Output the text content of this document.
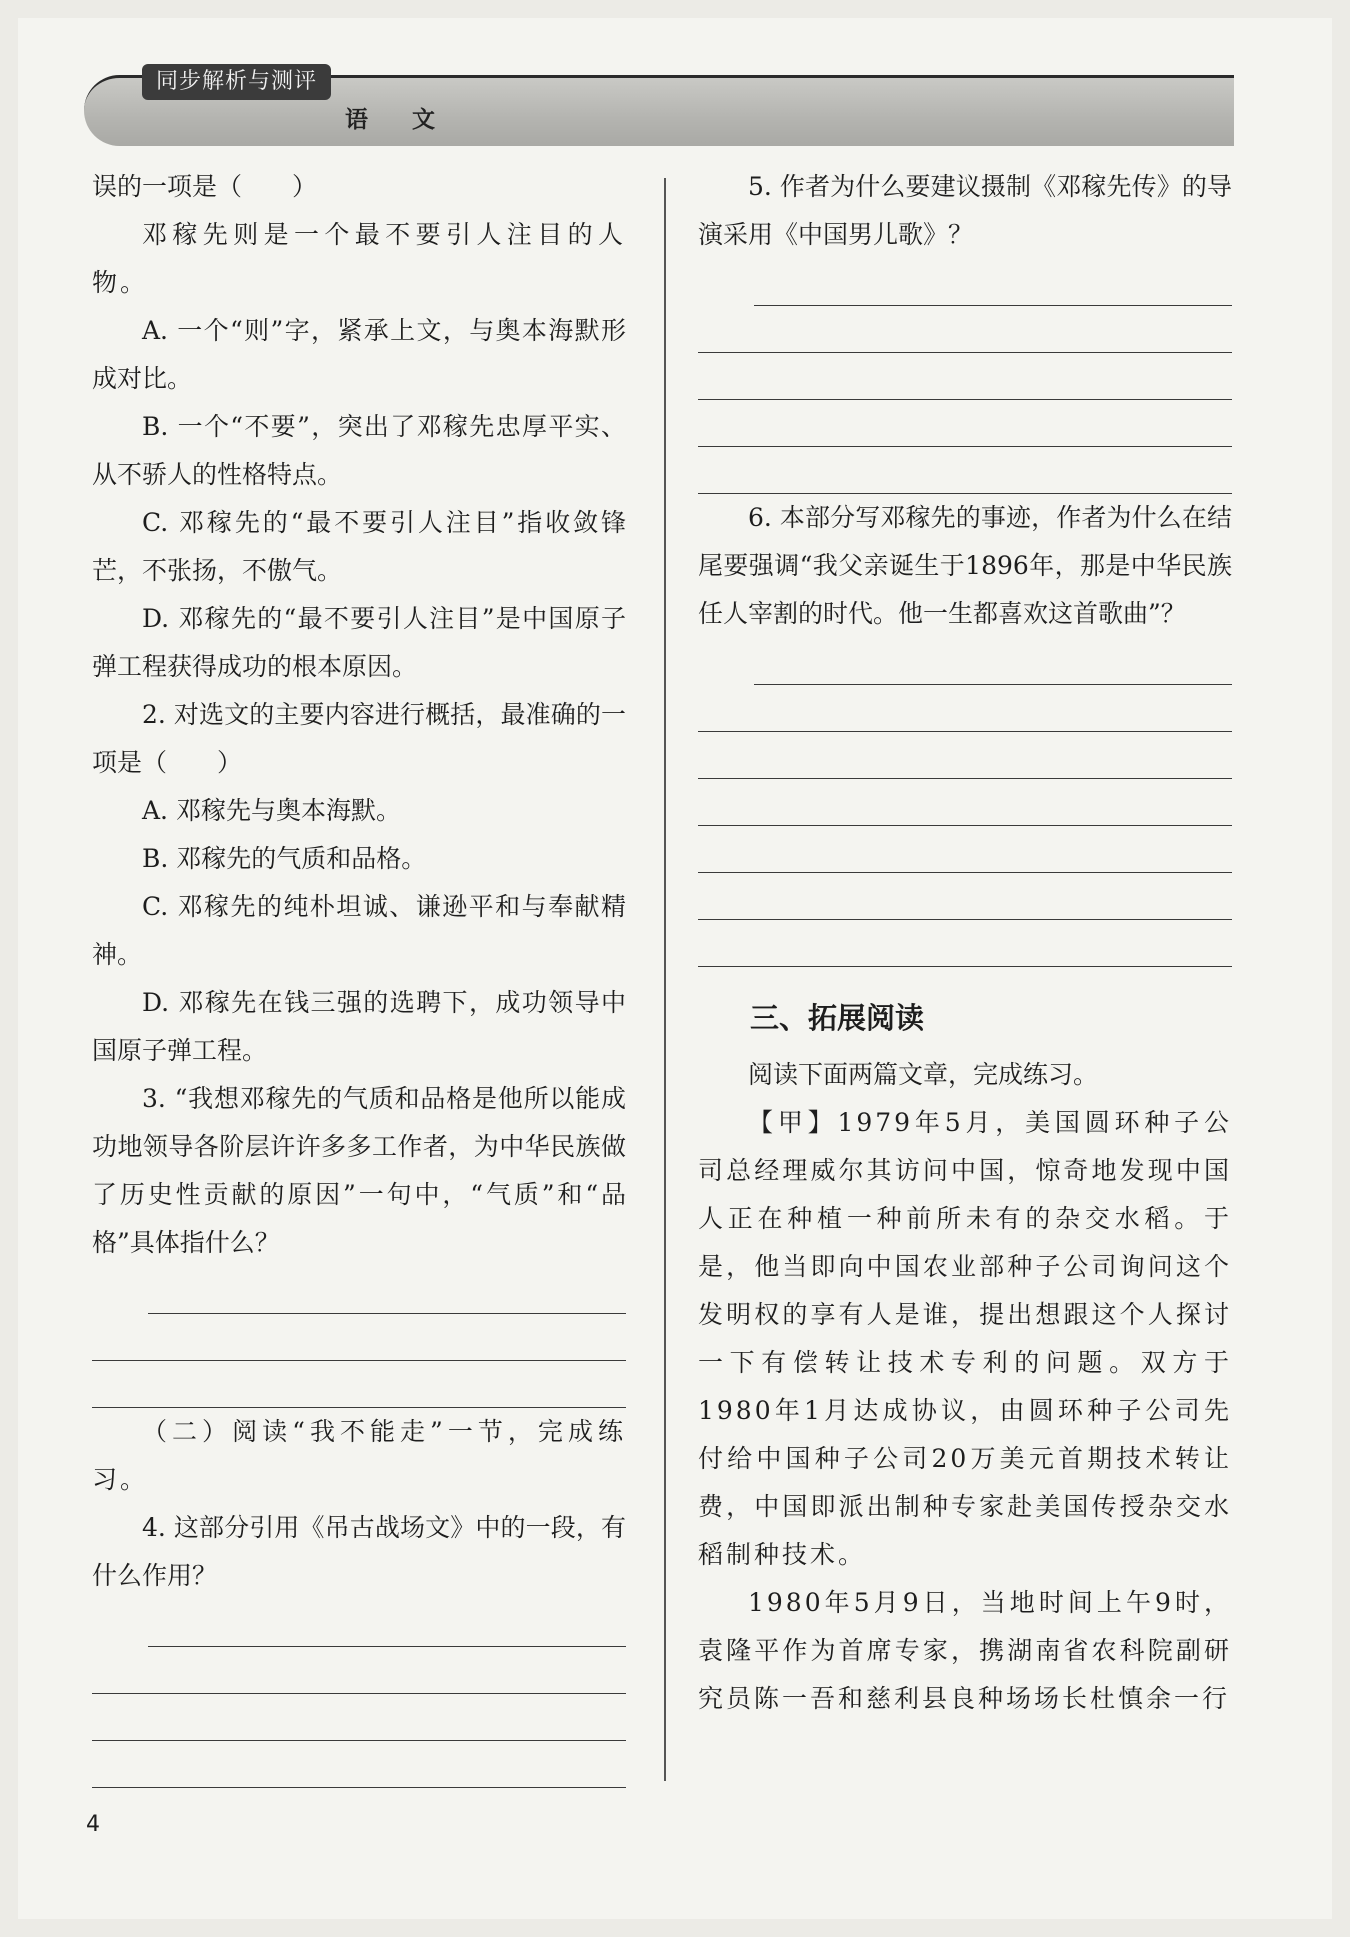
同步解析与测评
语 文

误的一项是（　　）

邓稼先则是一个最不要引人注目的人物。

A. 一个“则”字，紧承上文，与奥本海默形成对比。

B. 一个“不要”，突出了邓稼先忠厚平实、从不骄人的性格特点。

C. 邓稼先的“最不要引人注目”指收敛锋芒，不张扬，不傲气。

D. 邓稼先的“最不要引人注目”是中国原子弹工程获得成功的根本原因。

2. 对选文的主要内容进行概括，最准确的一项是（　　）

A. 邓稼先与奥本海默。

B. 邓稼先的气质和品格。

C. 邓稼先的纯朴坦诚、谦逊平和与奉献精神。

D. 邓稼先在钱三强的选聘下，成功领导中国原子弹工程。

3. “我想邓稼先的气质和品格是他所以能成功地领导各阶层许许多多工作者，为中华民族做了历史性贡献的原因”一句中，“气质”和“品格”具体指什么？

（二）阅读“我不能走”一节，完成练习。

4. 这部分引用《吊古战场文》中的一段，有什么作用？

5. 作者为什么要建议摄制《邓稼先传》的导演采用《中国男儿歌》？

6. 本部分写邓稼先的事迹，作者为什么在结尾要强调“我父亲诞生于1896年，那是中华民族任人宰割的时代。他一生都喜欢这首歌曲”？

三、拓展阅读

阅读下面两篇文章，完成练习。

【甲】1979年5月，美国圆环种子公司总经理威尔其访问中国，惊奇地发现中国人正在种植一种前所未有的杂交水稻。于是，他当即向中国农业部种子公司询问这个发明权的享有人是谁，提出想跟这个人探讨一下有偿转让技术专利的问题。双方于1980年1月达成协议，由圆环种子公司先付给中国种子公司20万美元首期技术转让费，中国即派出制种专家赴美国传授杂交水稻制种技术。

1980年5月9日，当地时间上午9时，袁隆平作为首席专家，携湖南省农科院副研究员陈一吾和慈利县良种场场长杜慎余一行

4
